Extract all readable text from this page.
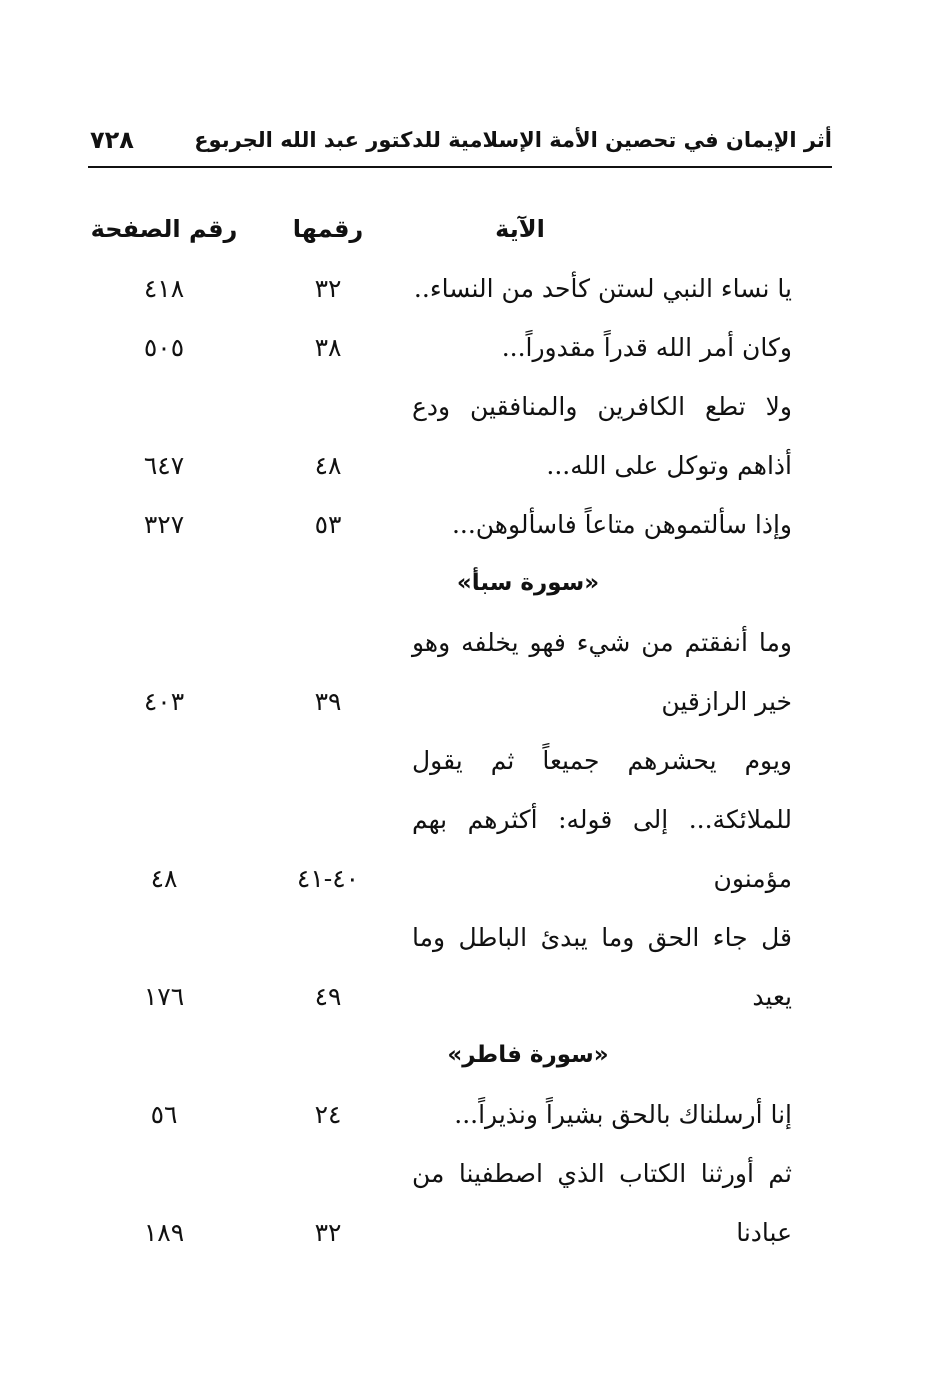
أثر الإيمان في تحصين الأمة الإسلامية للدكتور عبد الله الجربوع
٧٢٨
الآية
رقمها
رقم الصفحة
يا نساء النبي لستن كأحد من النساء..
٣٢
٤١٨
وكان أمر الله قدراً مقدوراً...
٣٨
٥٠٥
ولا تطع الكافرين والمنافقين ودع
أذاهم وتوكل على الله...
٤٨
٦٤٧
وإذا سألتموهن متاعاً فاسألوهن...
٥٣
٣٢٧
«سورة سبأ»
وما أنفقتم من شيء فهو يخلفه وهو
خير الرازقين
٣٩
٤٠٣
ويوم يحشرهم جميعاً ثم يقول
للملائكة... إلى قوله: أكثرهم بهم
مؤمنون
٤٠-٤١
٤٨
قل جاء الحق وما يبدئ الباطل وما
يعيد
٤٩
١٧٦
«سورة فاطر»
إنا أرسلناك بالحق بشيراً ونذيراً...
٢٤
٥٦
ثم أورثنا الكتاب الذي اصطفينا من
عبادنا
٣٢
١٨٩
